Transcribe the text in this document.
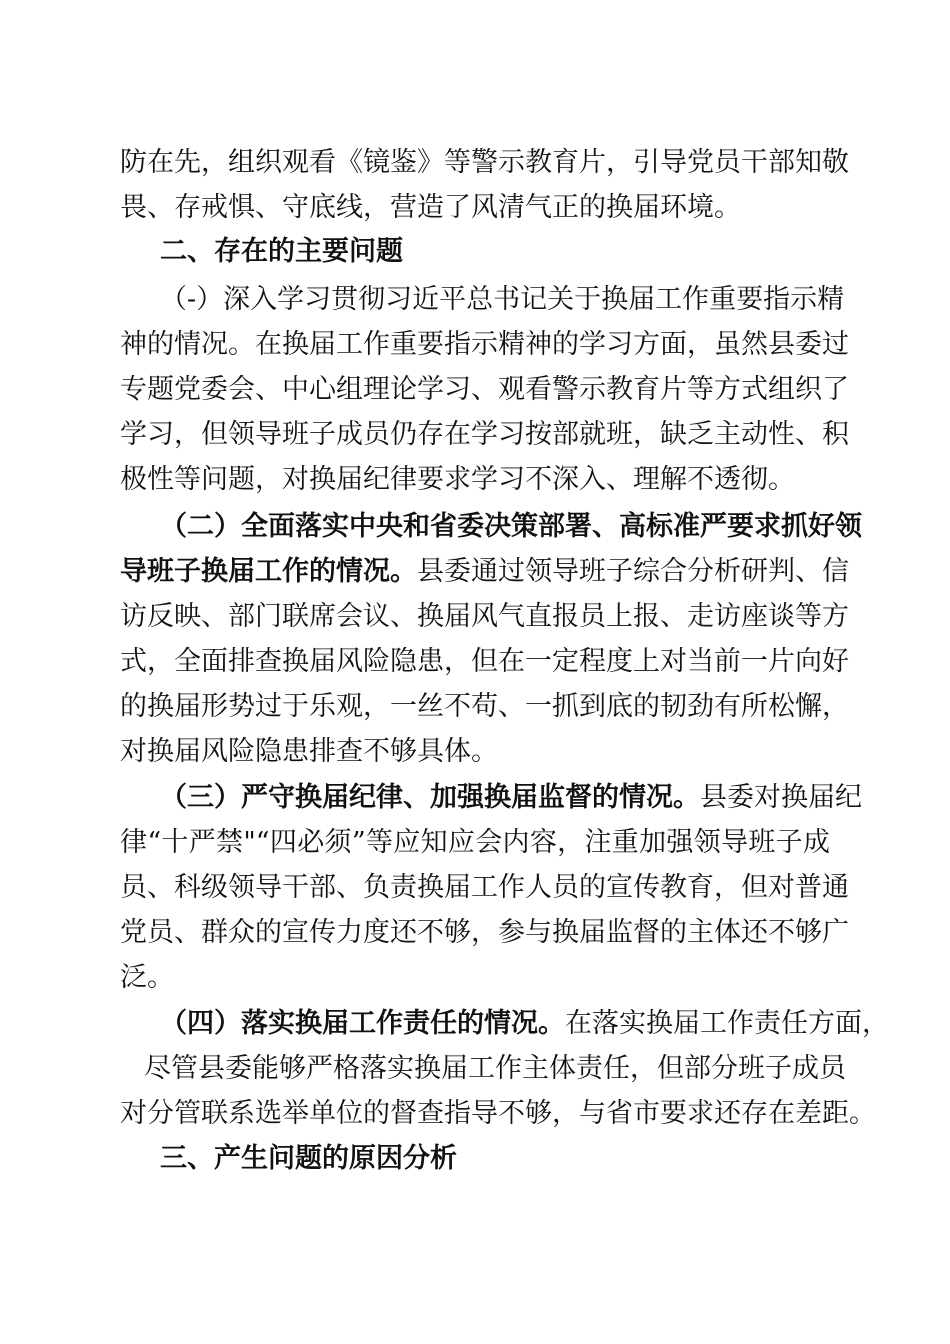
防在先，组织观看《镜鉴》等警示教育片，引导党员干部知敬
畏、存戒惧、守底线，营造了风清气正的换届环境。
二、存在的主要问题
（-）深入学习贯彻习近平总书记关于换届工作重要指示精
神的情况。在换届工作重要指示精神的学习方面，虽然县委过
专题党委会、中心组理论学习、观看警示教育片等方式组织了
学习，但领导班子成员仍存在学习按部就班，缺乏主动性、积
极性等问题，对换届纪律要求学习不深入、理解不透彻。
（二）全面落实中央和省委决策部署、高标准严要求抓好领
导班子换届工作的情况。县委通过领导班子综合分析研判、信
访反映、部门联席会议、换届风气直报员上报、走访座谈等方
式，全面排查换届风险隐患，但在一定程度上对当前一片向好
的换届形势过于乐观，一丝不苟、一抓到底的韧劲有所松懈，
对换届风险隐患排查不够具体。
（三）严守换届纪律、加强换届监督的情况。县委对换届纪
律“十严禁"“四必须”等应知应会内容，注重加强领导班子成
员、科级领导干部、负责换届工作人员的宣传教育，但对普通
党员、群众的宣传力度还不够，参与换届监督的主体还不够广
泛。
（四）落实换届工作责任的情况。在落实换届工作责任方面，
尽管县委能够严格落实换届工作主体责任，但部分班子成员
对分管联系选举单位的督查指导不够，与省市要求还存在差距。
三、产生问题的原因分析
